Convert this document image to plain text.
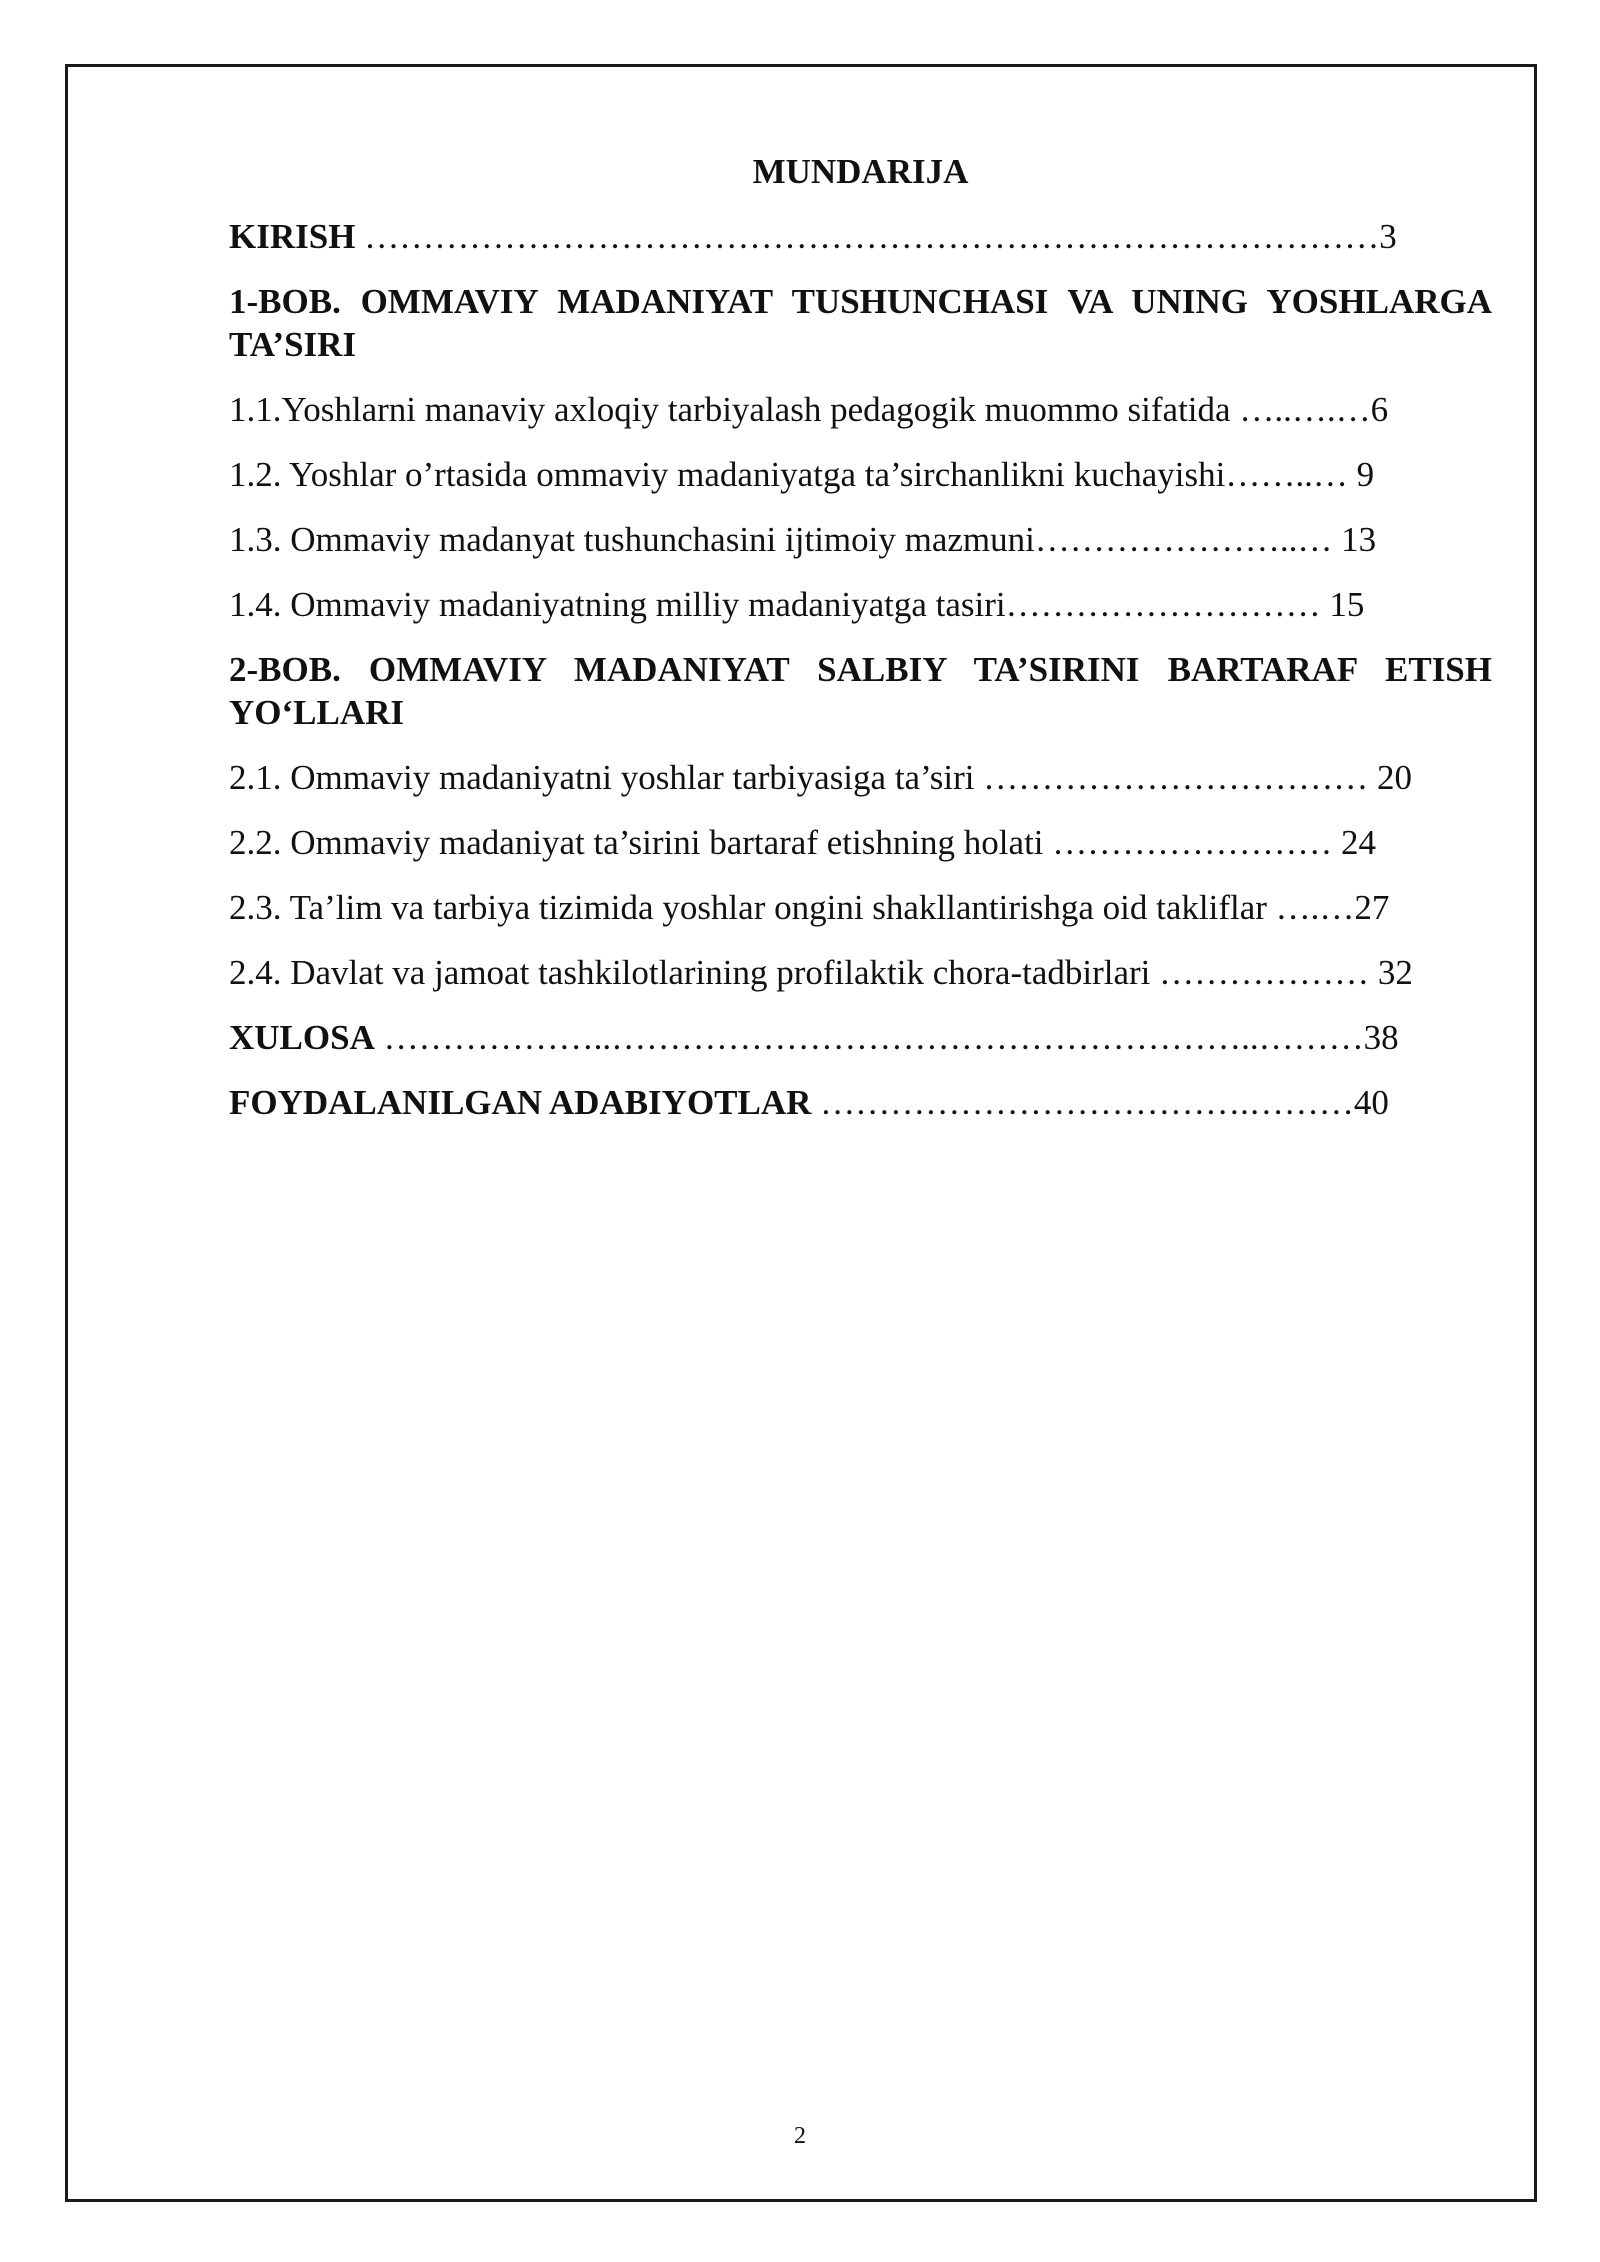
MUNDARIJA
KIRISH ……………………………………………………………………………3
1-BOB. OMMAVIY MADANIYAT TUSHUNCHASI VA UNING YOSHLARGA TA’SIRI
1.1.Yoshlarni manaviy axloqiy tarbiyalash pedagogik muommo sifatida …..….…6
1.2. Yoshlar o’rtasida ommaviy madaniyatga ta’sirchanlikni kuchayishi……..… 9
1.3. Ommaviy madanyat tushunchasini ijtimoiy mazmuni…………………..… 13
1.4. Ommaviy madaniyatning milliy madaniyatga tasiri……………………… 15
2-BOB. OMMAVIY MADANIYAT SALBIY TA’SIRINI BARTARAF ETISH YO‘LLARI
2.1. Ommaviy madaniyatni yoshlar tarbiyasiga ta’siri …………………………… 20
2.2. Ommaviy madaniyat ta’sirini bartaraf etishning holati …………………… 24
2.3. Ta’lim va tarbiya tizimida yoshlar ongini shakllantirishga oid takliflar ….…27
2.4. Davlat va jamoat tashkilotlarining profilaktik chora-tadbirlari ……………… 32
XULOSA ………………..………………………………………………..………38
FOYDALANILGAN ADABIYOTLAR ……………………………….………40
2
